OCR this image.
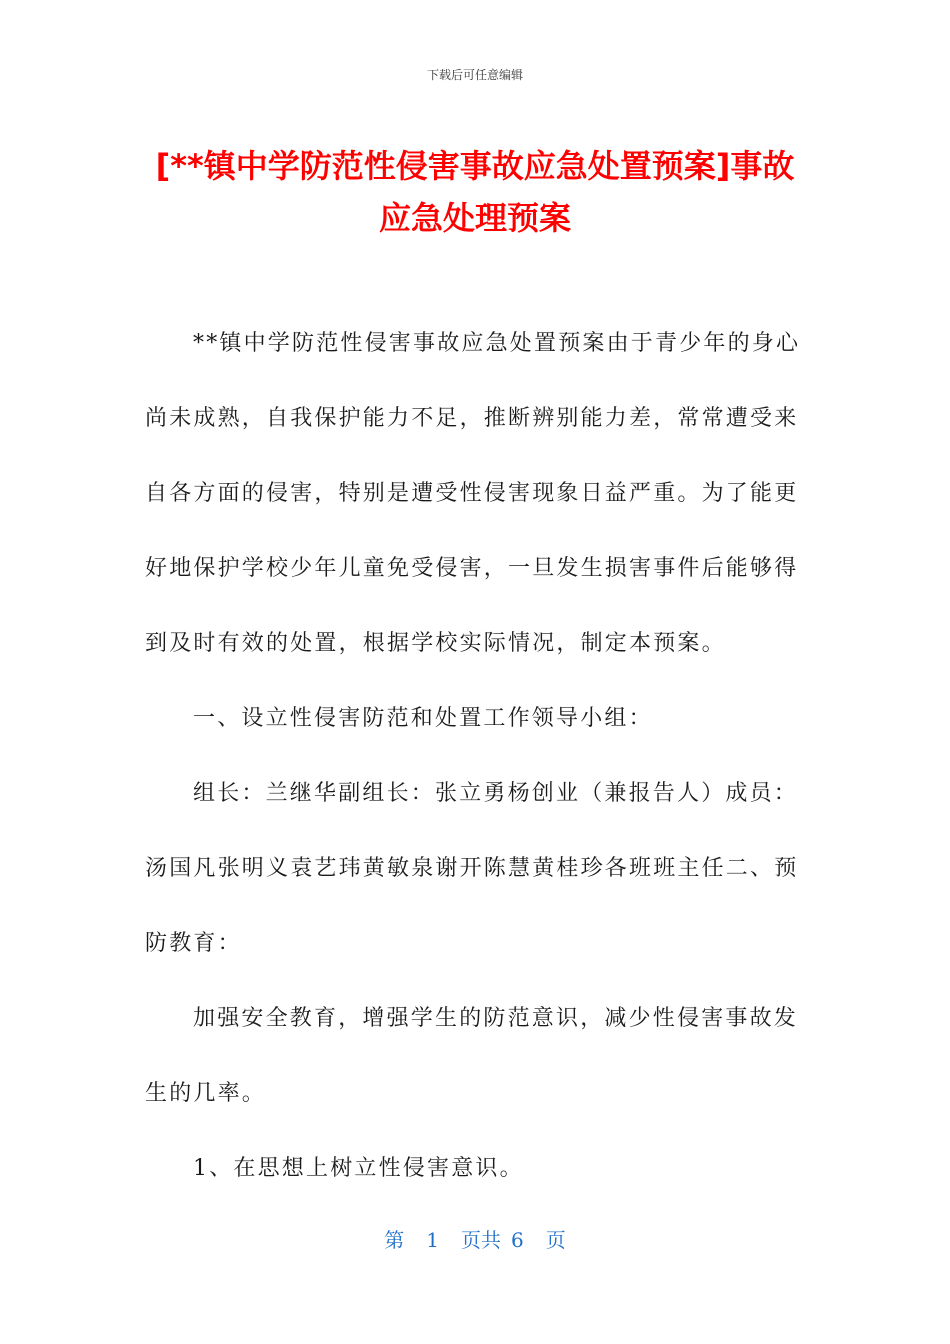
下载后可任意编辑
[**镇中学防范性侵害事故应急处置预案]事故
应急处理预案
**镇中学防范性侵害事故应急处置预案由于青少年的身心
尚未成熟，自我保护能力不足，推断辨别能力差，常常遭受来
自各方面的侵害，特别是遭受性侵害现象日益严重。为了能更
好地保护学校少年儿童免受侵害，一旦发生损害事件后能够得
到及时有效的处置，根据学校实际情况，制定本预案。
一、设立性侵害防范和处置工作领导小组：
组长：兰继华副组长：张立勇杨创业（兼报告人）成员：
汤国凡张明义袁艺玮黄敏泉谢开陈慧黄桂珍各班班主任二、预
防教育：
加强安全教育，增强学生的防范意识，减少性侵害事故发
生的几率。
1、在思想上树立性侵害意识。
第 1 页共 6 页
